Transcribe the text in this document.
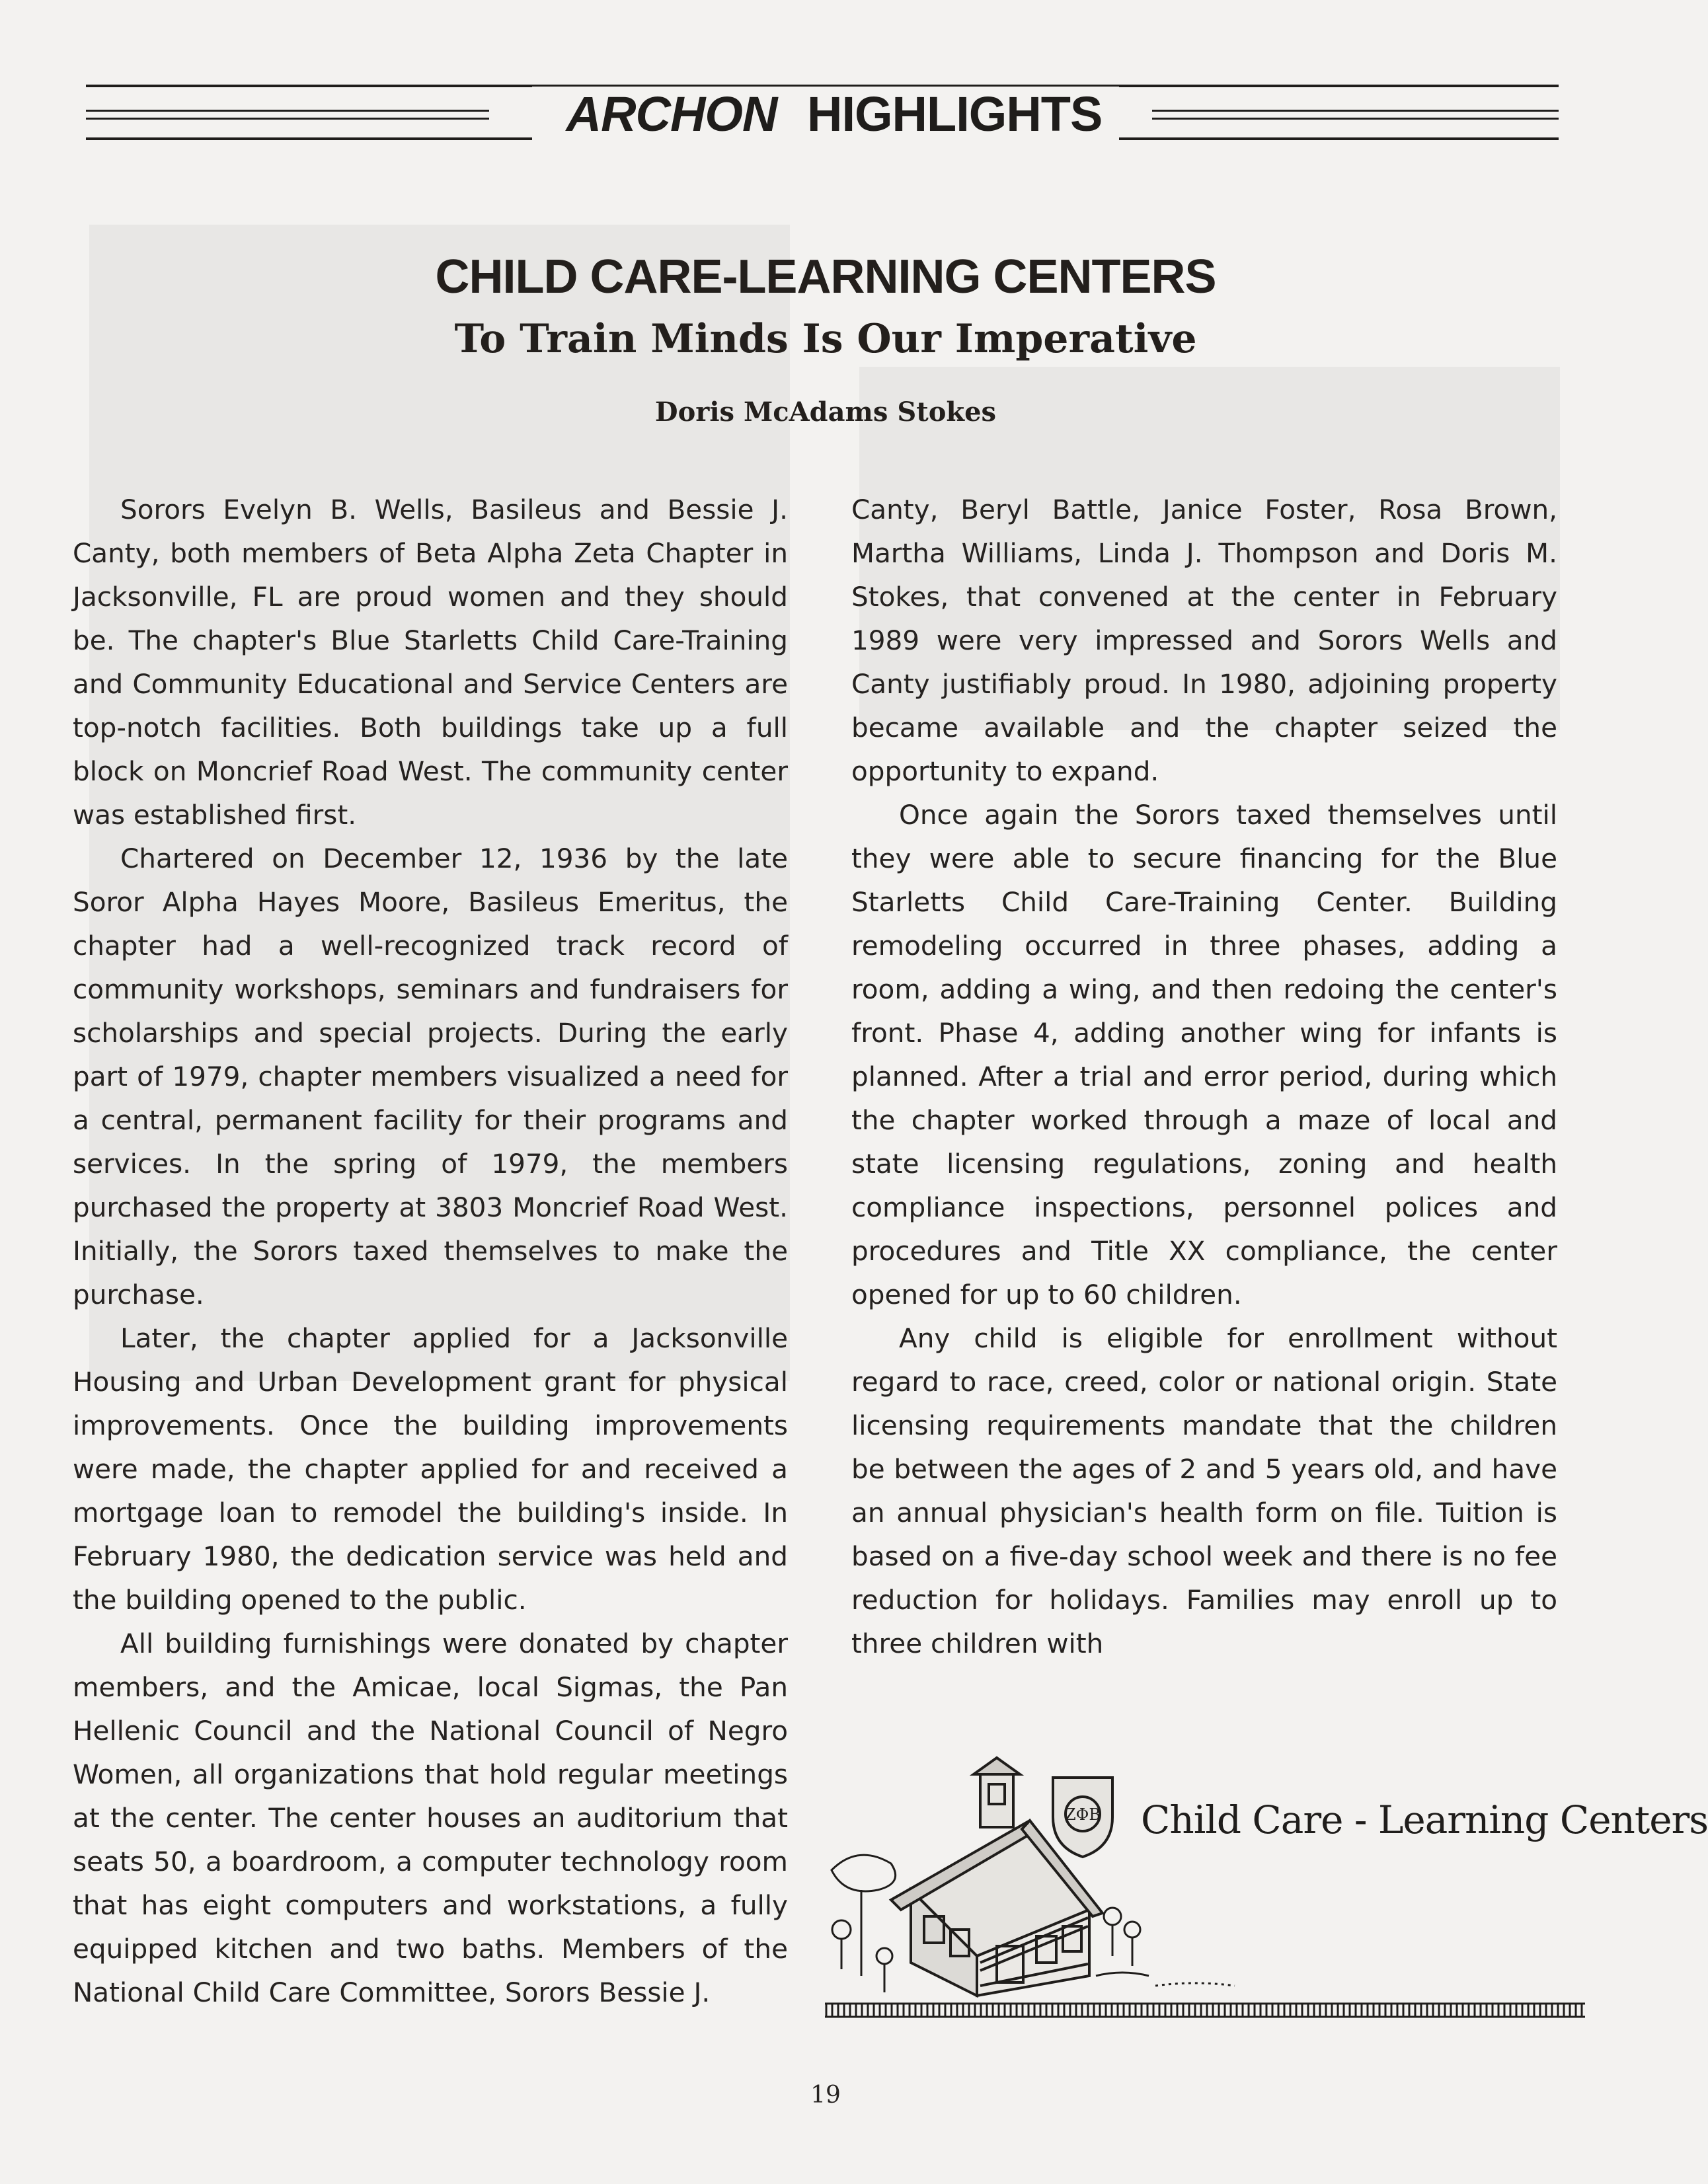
ARCHON HIGHLIGHTS
CHILD CARE-LEARNING CENTERS
To Train Minds Is Our Imperative
Doris McAdams Stokes

Sorors Evelyn B. Wells, Basileus and Bessie J. Canty, both members of Beta Alpha Zeta Chapter in Jacksonville, FL are proud women and they should be. The chapter's Blue Starletts Child Care-Training and Community Educational and Service Centers are top-notch facilities. Both buildings take up a full block on Moncrief Road West. The community center was established first.

Chartered on December 12, 1936 by the late Soror Alpha Hayes Moore, Basileus Emeritus, the chapter had a well-recognized track record of community workshops, seminars and fundraisers for scholarships and special projects. During the early part of 1979, chapter members visualized a need for a central, permanent facility for their programs and services. In the spring of 1979, the members purchased the property at 3803 Moncrief Road West. Initially, the Sorors taxed themselves to make the purchase.

Later, the chapter applied for a Jacksonville Housing and Urban Development grant for physical improvements. Once the building improvements were made, the chapter applied for and received a mortgage loan to remodel the building's inside. In February 1980, the dedication service was held and the building opened to the public.

All building furnishings were donated by chapter members, and the Amicae, local Sigmas, the Pan Hellenic Council and the National Council of Negro Women, all organizations that hold regular meetings at the center. The center houses an auditorium that seats 50, a boardroom, a computer technology room that has eight computers and workstations, a fully equipped kitchen and two baths. Members of the National Child Care Committee, Sorors Bessie J.

Canty, Beryl Battle, Janice Foster, Rosa Brown, Martha Williams, Linda J. Thompson and Doris M. Stokes, that convened at the center in February 1989 were very impressed and Sorors Wells and Canty justifiably proud. In 1980, adjoining property became available and the chapter seized the opportunity to expand.

Once again the Sorors taxed themselves until they were able to secure financing for the Blue Starletts Child Care-Training Center. Building remodeling occurred in three phases, adding a room, adding a wing, and then redoing the center's front. Phase 4, adding another wing for infants is planned. After a trial and error period, during which the chapter worked through a maze of local and state licensing regulations, zoning and health compliance inspections, personnel polices and procedures and Title XX compliance, the center opened for up to 60 children.

Any child is eligible for enrollment without regard to race, creed, color or national origin. State licensing requirements mandate that the children be between the ages of 2 and 5 years old, and have an annual physician's health form on file. Tuition is based on a five-day school week and there is no fee reduction for holidays. Families may enroll up to three children with

ΖΦΒ Child Care - Learning Centers
19
